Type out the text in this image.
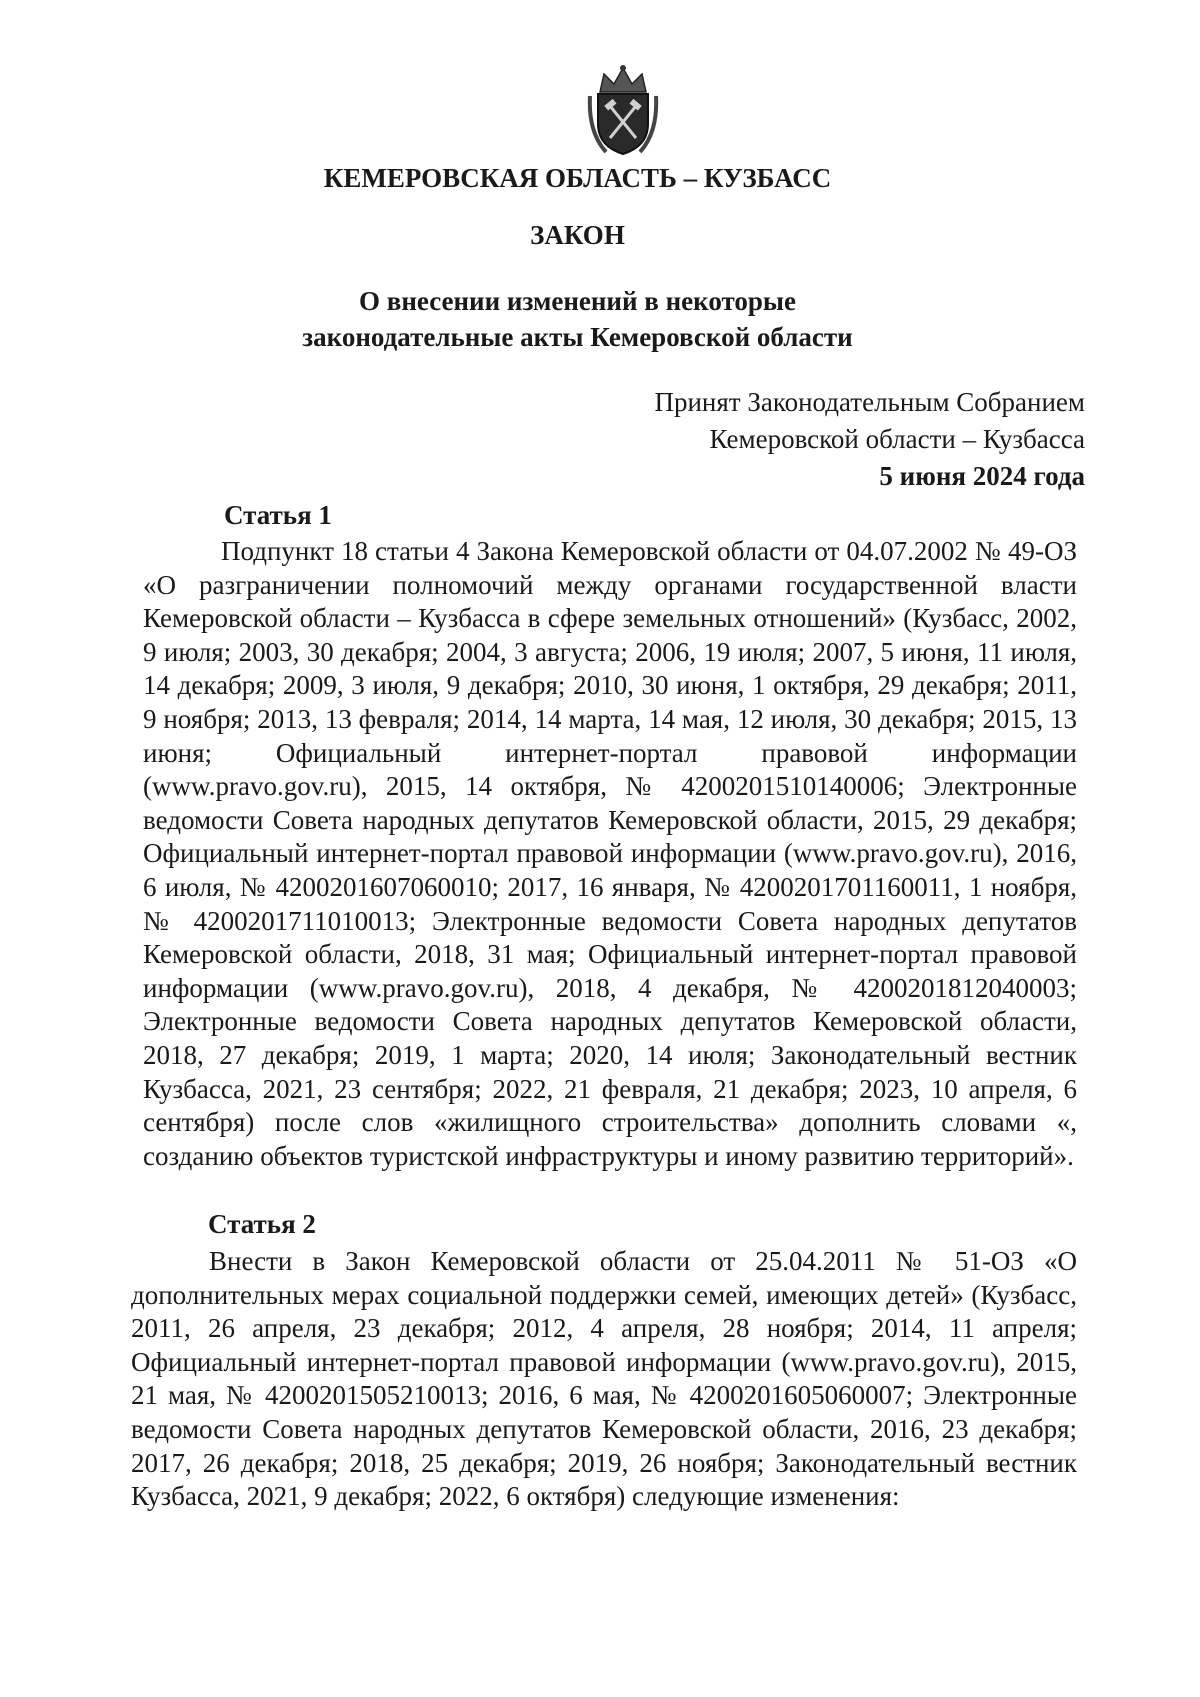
КЕМЕРОВСКАЯ ОБЛАСТЬ – КУЗБАСС
ЗАКОН
О внесении изменений в некоторые
законодательные акты Кемеровской области
Принят Законодательным Собранием
Кемеровской области – Кузбасса
5 июня 2024 года
Статья 1
Подпункт 18 статьи 4 Закона Кемеровской области от 04.07.2002 № 49-ОЗ «О разграничении полномочий между органами государственной власти Кемеровской области – Кузбасса в сфере земельных отношений» (Кузбасс, 2002, 9 июля; 2003, 30 декабря; 2004, 3 августа; 2006, 19 июля; 2007, 5 июня, 11 июля, 14 декабря; 2009, 3 июля, 9 декабря; 2010, 30 июня, 1 октября, 29 декабря; 2011, 9 ноября; 2013, 13 февраля; 2014, 14 марта, 14 мая, 12 июля, 30 декабря; 2015, 13 июня; Официальный интернет-портал правовой информации (www.pravo.gov.ru), 2015, 14 октября, № 4200201510140006; Электронные ведомости Совета народных депутатов Кемеровской области, 2015, 29 декабря; Официальный интернет-портал правовой информации (www.pravo.gov.ru), 2016, 6 июля, № 4200201607060010; 2017, 16 января, № 4200201701160011, 1 ноября, № 4200201711010013; Электронные ведомости Совета народных депутатов Кемеровской области, 2018, 31 мая; Официальный интернет-портал правовой информации (www.pravo.gov.ru), 2018, 4 декабря, № 4200201812040003; Электронные ведомости Совета народных депутатов Кемеровской области, 2018, 27 декабря; 2019, 1 марта; 2020, 14 июля; Законодательный вестник Кузбасса, 2021, 23 сентября; 2022, 21 февраля, 21 декабря; 2023, 10 апреля, 6 сентября) после слов «жилищного строительства» дополнить словами «, созданию объектов туристской инфраструктуры и иному развитию территорий».
Статья 2
Внести в Закон Кемеровской области от 25.04.2011 № 51-ОЗ «О дополнительных мерах социальной поддержки семей, имеющих детей» (Кузбасс, 2011, 26 апреля, 23 декабря; 2012, 4 апреля, 28 ноября; 2014, 11 апреля; Официальный интернет-портал правовой информации (www.pravo.gov.ru), 2015, 21 мая, № 4200201505210013; 2016, 6 мая, № 4200201605060007; Электронные ведомости Совета народных депутатов Кемеровской области, 2016, 23 декабря; 2017, 26 декабря; 2018, 25 декабря; 2019, 26 ноября; Законодательный вестник Кузбасса, 2021, 9 декабря; 2022, 6 октября) следующие изменения:
